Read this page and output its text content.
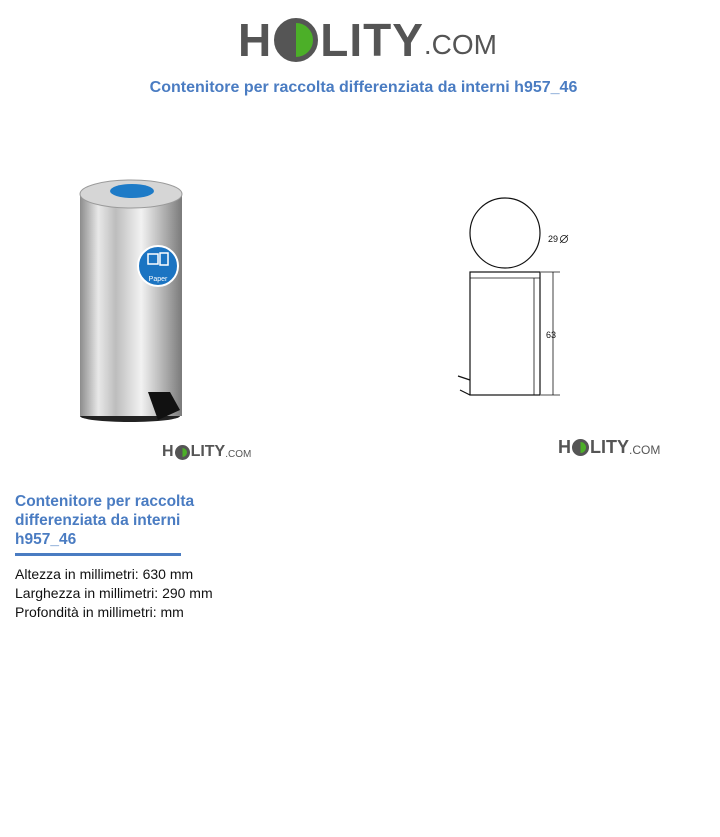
H LITY .COM
Contenitore per raccolta differenziata da interni h957_46
Paper
H LITY .COM
29
63
H LITY .COM
Contenitore per raccolta differenziata da interni h957_46
Altezza in millimetri: 630 mm
Larghezza in millimetri: 290 mm
Profondità in millimetri: mm
